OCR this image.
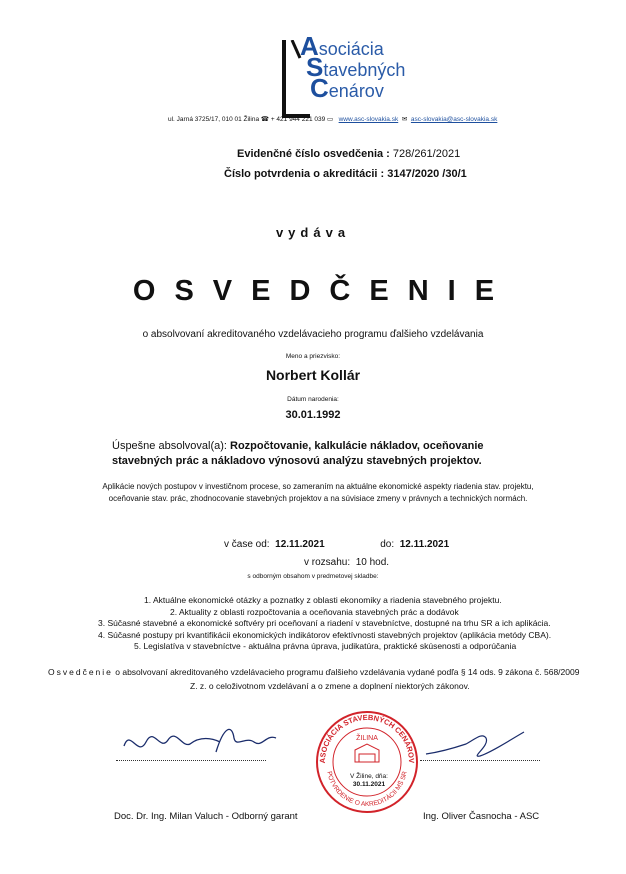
Asociácia
Stavebných
Cenárov
ul. Jarná 3725/17, 010 01 Žilina ☎ + 421 944 221 039 ▭ www.asc-slovakia.sk ✉ asc-slovakia@asc-slovakia.sk
Evidenčné číslo osvedčenia : 728/261/2021
Číslo potvrdenia o akreditácii : 3147/2020 /30/1
vydáva
OSVEDČENIE
o absolvovaní akreditovaného vzdelávacieho programu ďalšieho vzdelávania
Meno a priezvisko:
Norbert Kollár
Dátum narodenia:
30.01.1992
Úspešne absolvoval(a): Rozpočtovanie, kalkulácie nákladov, oceňovanie stavebných prác a nákladovo výnosovú analýzu stavebných projektov.
Aplikácie nových postupov v investičnom procese, so zameraním na aktuálne ekonomické aspekty riadenia stav. projektu, oceňovanie stav. prác, zhodnocovanie stavebných projektov a na súvisiace zmeny v právnych a technických normách.
v čase od: 12.11.2021	do: 12.11.2021
v rozsahu: 10 hod.
s odborným obsahom v predmetovej skladbe:
1. Aktuálne ekonomické otázky a poznatky z oblasti ekonomiky a riadenia stavebného projektu.
2. Aktuality z oblasti rozpočtovania a oceňovania stavebných prác a dodávok
3. Súčasné stavebné a ekonomické softvéry pri oceňovaní a riadení v stavebníctve, dostupné na trhu SR a ich aplikácia.
4. Súčasné postupy pri kvantifikácii ekonomických indikátorov efektívnosti stavebných projektov (aplikácia metódy CBA).
5. Legislatíva v stavebníctve - aktuálna právna úprava, judikatúra, praktické skúsenosti a odporúčania
Osvedčenie o absolvovaní akreditovaného vzdelávacieho programu ďalšieho vzdelávania vydané podľa § 14 ods. 9 zákona č. 568/2009
Z. z. o celoživotnom vzdelávaní a o zmene a doplnení niektorých zákonov.
ASOCIÁCIA STAVEBNÝCH CENÁROV
POTVRDENIE O AKREDITÁCII MŠ SR
ŽILINA
V Žiline, dňa:
30.11.2021
Doc. Dr. Ing. Milan Valuch - Odborný garant	Ing. Oliver Časnocha - ASC
